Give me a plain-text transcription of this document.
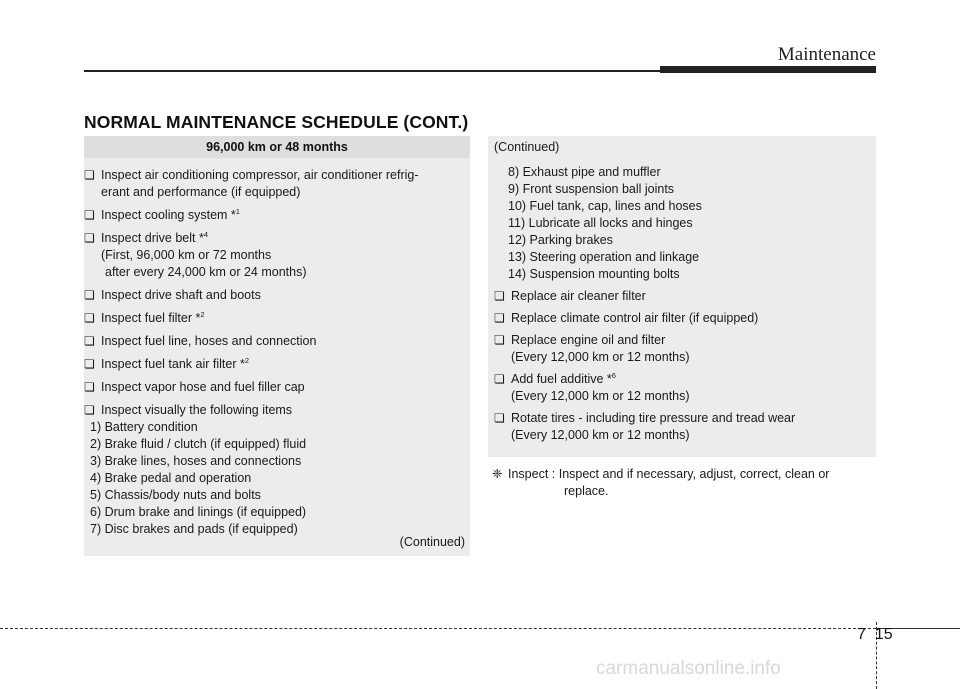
Maintenance
NORMAL MAINTENANCE SCHEDULE (CONT.)
96,000 km or 48 months
❏ Inspect air conditioning compressor, air conditioner refrig-
erant and performance (if equipped)
❏ Inspect cooling system *$^1$
❏ Inspect drive belt *$^4$
(First, 96,000 km or 72 months
after every 24,000 km or 24 months)
❏ Inspect drive shaft and boots
❏ Inspect fuel filter *$^2$
❏ Inspect fuel line, hoses and connection
❏ Inspect fuel tank air filter *$^2$
❏ Inspect vapor hose and fuel filler cap
❏ Inspect visually the following items
1) Battery condition
2) Brake fluid / clutch (if equipped) fluid
3) Brake lines, hoses and connections
4) Brake pedal and operation
5) Chassis/body nuts and bolts
6) Drum brake and linings (if equipped)
7) Disc brakes and pads (if equipped)
(Continued)
(Continued)
8) Exhaust pipe and muffler
9) Front suspension ball joints
10) Fuel tank, cap, lines and hoses
11) Lubricate all locks and hinges
12) Parking brakes
13) Steering operation and linkage
14) Suspension mounting bolts
❏ Replace air cleaner filter
❏ Replace climate control air filter (if equipped)
❏ Replace engine oil and filter
(Every 12,000 km or 12 months)
❏ Add fuel additive *$^6$
(Every 12,000 km or 12 months)
❏ Rotate tires - including tire pressure and tread wear
(Every 12,000 km or 12 months)
❈ Inspect : Inspect and if necessary, adjust, correct, clean or
replace.
7 15
carmanualsonline.info
